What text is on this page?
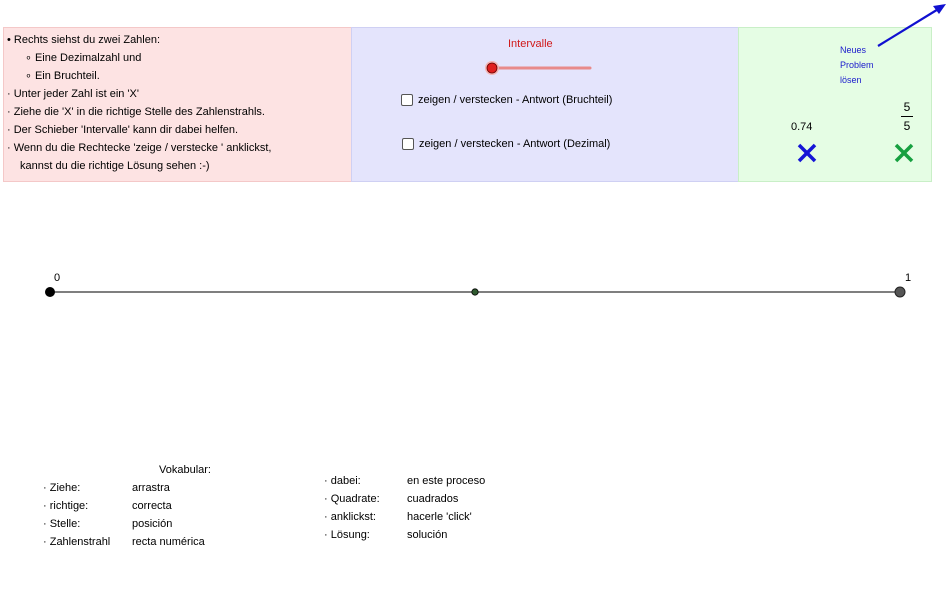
• Rechts siehst du zwei Zahlen:
∘ Eine Dezimalzahl und
∘ Ein Bruchteil.
· Unter jeder Zahl ist ein 'X'
· Ziehe die 'X' in die richtige Stelle des Zahlenstrahls.
· Der Schieber 'Intervalle' kann dir dabei helfen.
· Wenn du die Rechtecke 'zeige / verstecke ' anklickst,
kannst du die richtige Lösung sehen :-)
Intervalle
zeigen / verstecken - Antwort (Bruchteil)
zeigen / verstecken - Antwort (Dezimal)
Neues
Problem
lösen
0.74
5
5
0	1
Vokabular:
· Ziehe:
· richtige:
· Stelle:
· Zahlenstrahl
arrastra
correcta
posición
recta numérica
· dabei:
· Quadrate:
· anklickst:
· Lösung:
en este proceso
cuadrados
hacerle 'click'
solución
